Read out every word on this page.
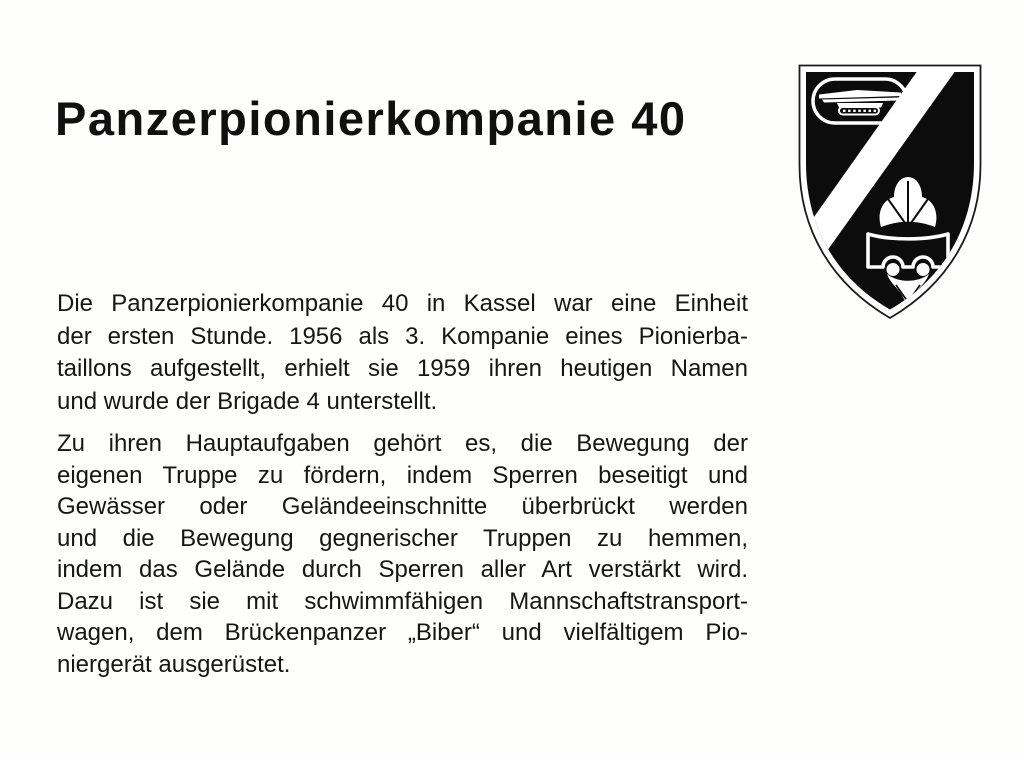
Panzerpionierkompanie 40
Die Panzerpionierkompanie 40 in Kassel war eine Einheit
der ersten Stunde. 1956 als 3. Kompanie eines Pionierba-
taillons aufgestellt, erhielt sie 1959 ihren heutigen Namen
und wurde der Brigade 4 unterstellt.
Zu ihren Hauptaufgaben gehört es, die Bewegung der
eigenen Truppe zu fördern, indem Sperren beseitigt und
Gewässer oder Geländeeinschnitte überbrückt werden
und die Bewegung gegnerischer Truppen zu hemmen,
indem das Gelände durch Sperren aller Art verstärkt wird.
Dazu ist sie mit schwimmfähigen Mannschaftstransport-
wagen, dem Brückenpanzer „Biber“ und vielfältigem Pio-
niergerät ausgerüstet.
